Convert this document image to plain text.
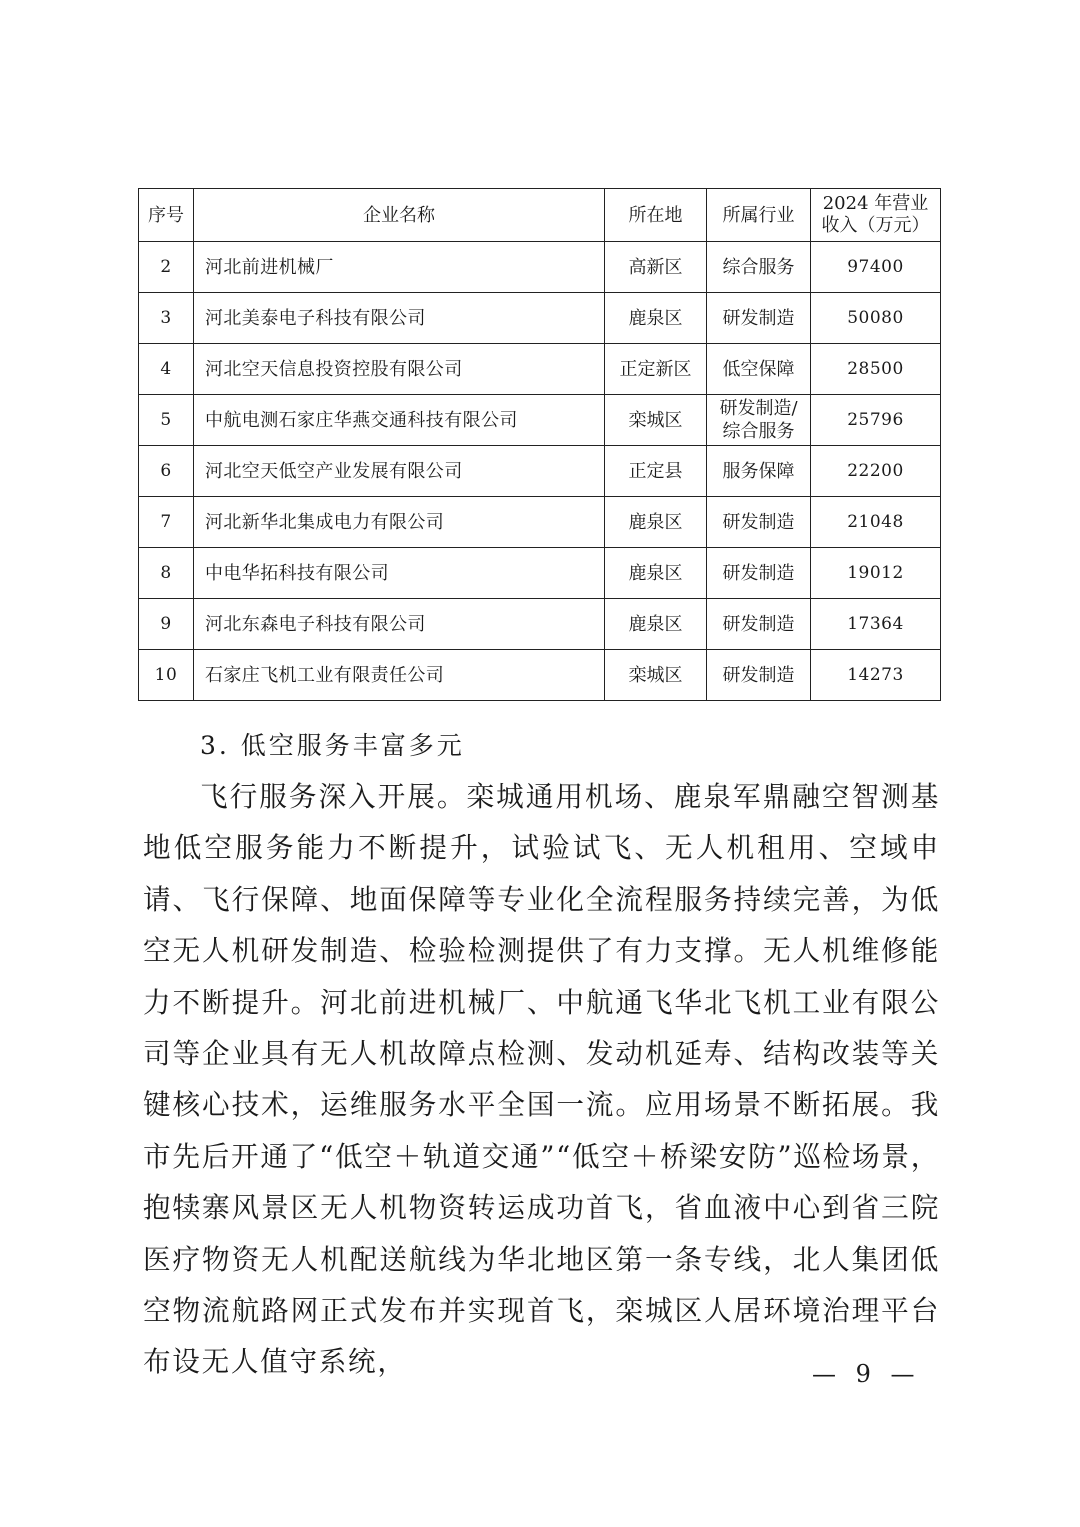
序号	企业名称	所在地	所属行业	2024 年营业
收入（万元）

2	河北前进机械厂	高新区	综合服务	97400
3	河北美泰电子科技有限公司	鹿泉区	研发制造	50080
4	河北空天信息投资控股有限公司	正定新区	低空保障	28500
5	中航电测石家庄华燕交通科技有限公司	栾城区	研发制造/
综合服务	25796
6	河北空天低空产业发展有限公司	正定县	服务保障	22200
7	河北新华北集成电力有限公司	鹿泉区	研发制造	21048
8	中电华拓科技有限公司	鹿泉区	研发制造	19012
9	河北东森电子科技有限公司	鹿泉区	研发制造	17364
10	石家庄飞机工业有限责任公司	栾城区	研发制造	14273
3. 低空服务丰富多元

飞行服务深入开展。栾城通用机场、鹿泉军鼎融空智测基地低空服务能力不断提升，试验试飞、无人机租用、空域申请、飞行保障、地面保障等专业化全流程服务持续完善，为低空无人机研发制造、检验检测提供了有力支撑。无人机维修能力不断提升。河北前进机械厂、中航通飞华北飞机工业有限公司等企业具有无人机故障点检测、发动机延寿、结构改装等关键核心技术，运维服务水平全国一流。应用场景不断拓展。我市先后开通了“低空＋轨道交通”“低空＋桥梁安防”巡检场景，抱犊寨风景区无人机物资转运成功首飞，省血液中心到省三院医疗物资无人机配送航线为华北地区第一条专线，北人集团低空物流航路网正式发布并实现首飞，栾城区人居环境治理平台布设无人值守系统，	— 9 —
